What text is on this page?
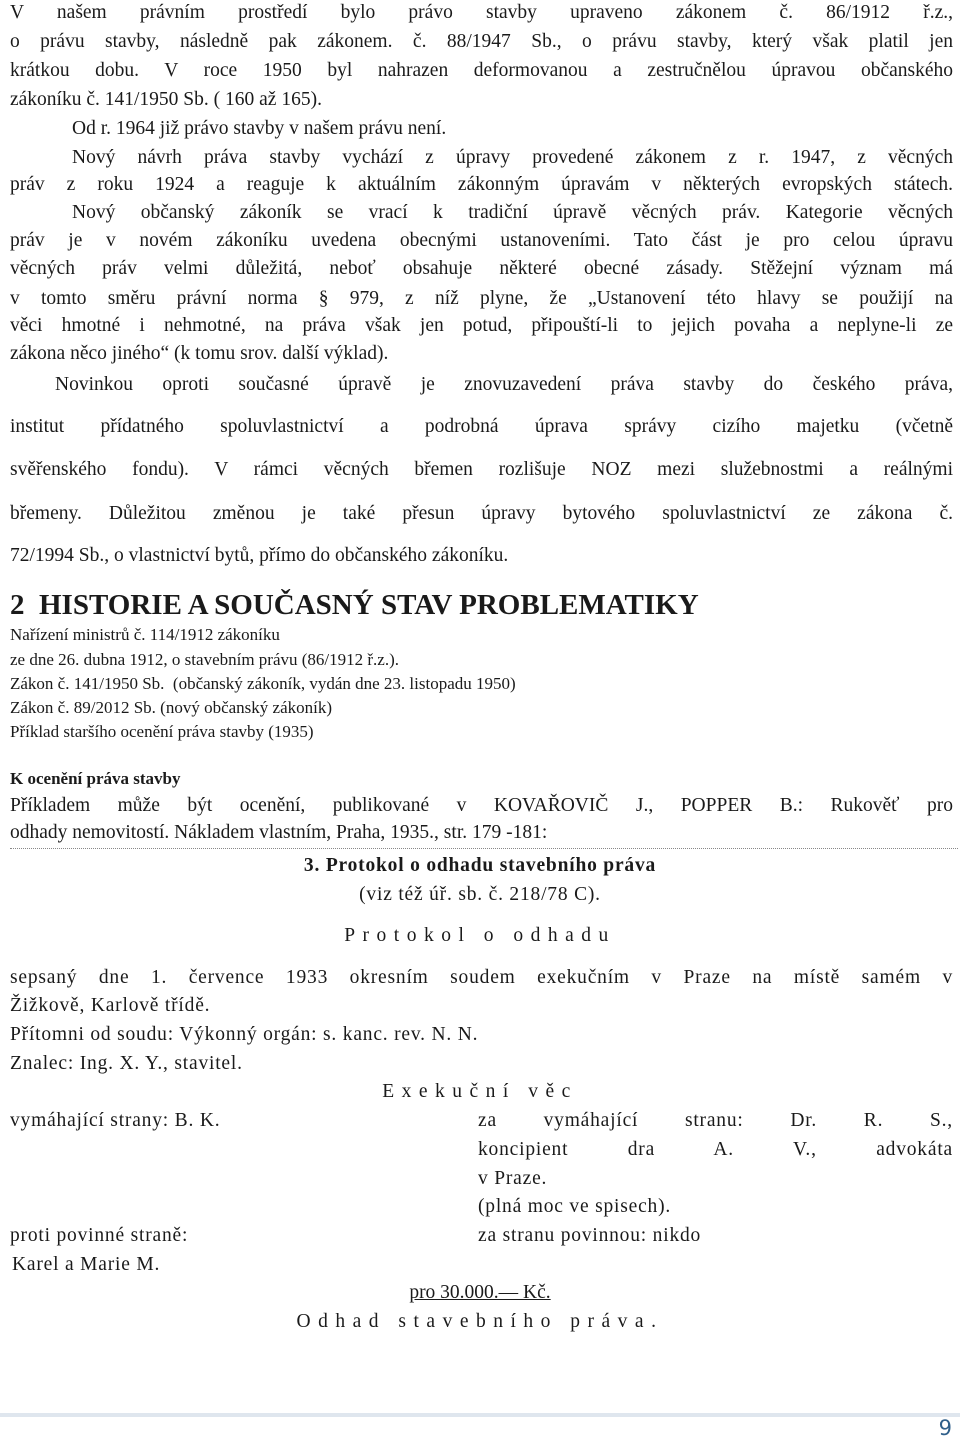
V našem právním prostředí bylo právo stavby upraveno zákonem č. 86/1912 ř.z.,
o právu stavby, následně pak zákonem. č. 88/1947 Sb., o právu stavby, který však platil jen
krátkou dobu. V roce 1950 byl nahrazen deformovanou a zestručnělou úpravou občanského
zákoníku č. 141/1950 Sb. ( 160 až 165).
Od r. 1964 již právo stavby v našem právu není.
Nový návrh práva stavby vychází z úpravy provedené zákonem z r. 1947, z věcných
práv z roku 1924 a reaguje k aktuálním zákonným úpravám v některých evropských státech.
Nový občanský zákoník se vrací k tradiční úpravě věcných práv. Kategorie věcných
práv je v novém zákoníku uvedena obecnými ustanoveními. Tato část je pro celou úpravu
věcných práv velmi důležitá, neboť obsahuje některé obecné zásady. Stěžejní význam má
v tomto směru právní norma § 979, z níž plyne, že „Ustanovení této hlavy se použijí na
věci hmotné i nehmotné, na práva však jen potud, připouští-li to jejich povaha a neplyne-li ze
zákona něco jiného“ (k tomu srov. další výklad).
Novinkou oproti současné úpravě je znovuzavedení práva stavby do českého práva,
institut přídatného spoluvlastnictví a podrobná úprava správy cizího majetku (včetně
svěřenského fondu). V rámci věcných břemen rozlišuje NOZ mezi služebnostmi a reálnými
břemeny. Důležitou změnou je také přesun úpravy bytového spoluvlastnictví ze zákona č.
72/1994 Sb., o vlastnictví bytů, přímo do občanského zákoníku.
2  HISTORIE A SOUČASNÝ STAV PROBLEMATIKY
Nařízení ministrů č. 114/1912 zákoníku
ze dne 26. dubna 1912, o stavebním právu (86/1912 ř.z.).
Zákon č. 141/1950 Sb.  (občanský zákoník, vydán dne 23. listopadu 1950)
Zákon č. 89/2012 Sb. (nový občanský zákoník)
Příklad staršího ocenění práva stavby (1935)
K ocenění práva stavby
Příkladem může být ocenění, publikované v KOVAŘOVIČ J., POPPER B.: Rukověť pro
odhady nemovitostí. Nákladem vlastním, Praha, 1935., str. 179 -181:
3. Protokol o odhadu stavebního práva
(viz též úř. sb. č. 218/78 C).
Protokol o odhadu
sepsaný dne 1. července 1933 okresním soudem exekučním v Praze na místě samém v
Žižkově, Karlově třídě.
Přítomni od soudu: Výkonný orgán: s. kanc. rev. N. N.
Znalec: Ing. X. Y., stavitel.
Exekuční věc
vymáhající strany: B. K.	za vymáhající stranu: Dr. R. S.,
koncipient dra A. V., advokáta
v Praze.
(plná moc ve spisech).
proti povinné straně:	za stranu povinnou: nikdo
Karel a Marie M.
pro 30.000.— Kč.
Odhad stavebního práva.
9
